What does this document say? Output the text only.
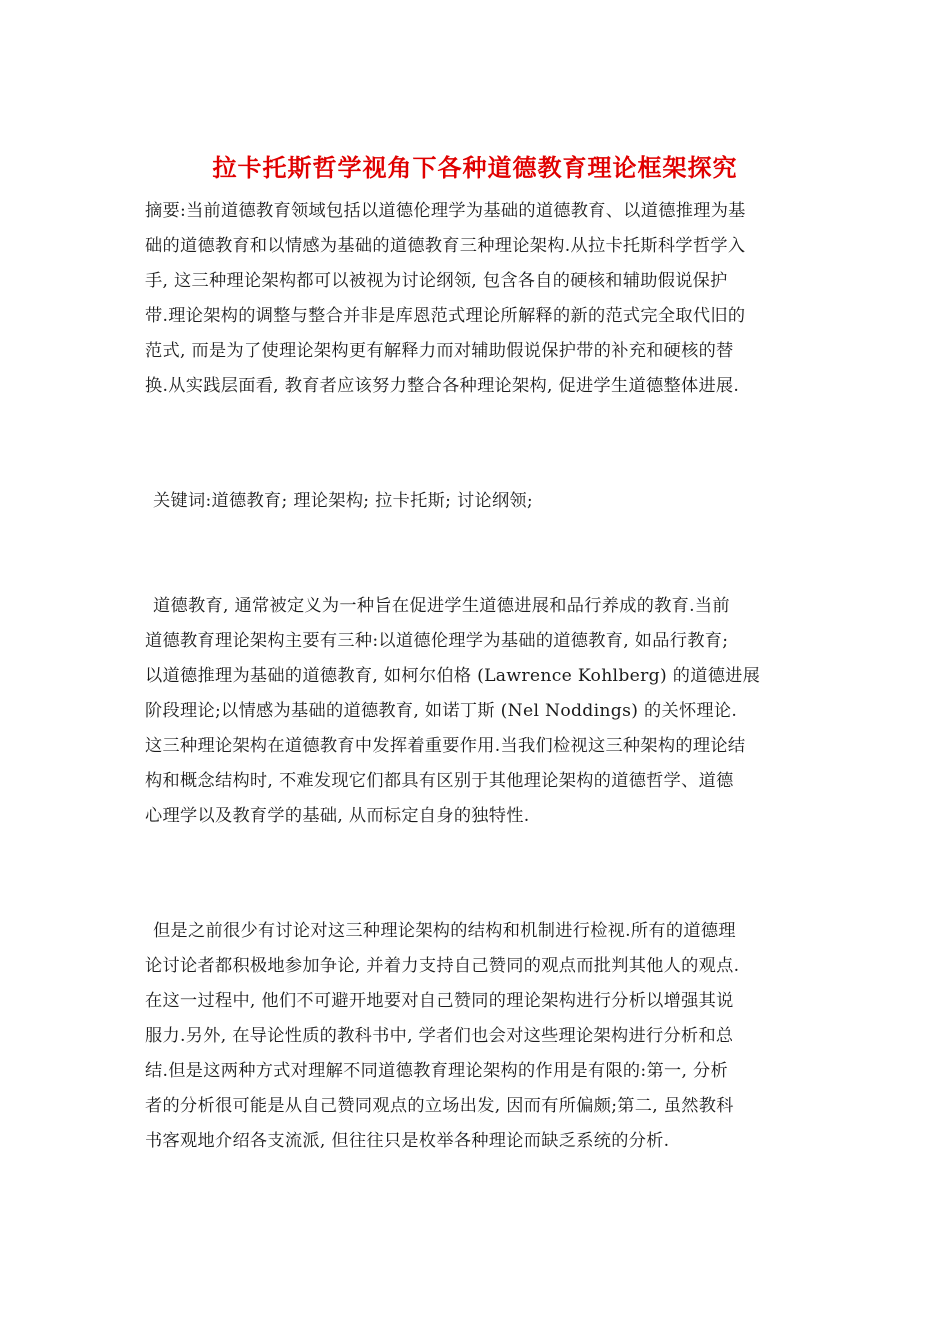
拉卡托斯哲学视角下各种道德教育理论框架探究
摘要:当前道德教育领域包括以道德伦理学为基础的道德教育、以道德推理为基
础的道德教育和以情感为基础的道德教育三种理论架构.从拉卡托斯科学哲学入
手, 这三种理论架构都可以被视为讨论纲领, 包含各自的硬核和辅助假说保护
带.理论架构的调整与整合并非是库恩范式理论所解释的新的范式完全取代旧的
范式, 而是为了使理论架构更有解释力而对辅助假说保护带的补充和硬核的替
换.从实践层面看, 教育者应该努力整合各种理论架构, 促进学生道德整体进展.
关键词:道德教育; 理论架构; 拉卡托斯; 讨论纲领;
道德教育, 通常被定义为一种旨在促进学生道德进展和品行养成的教育.当前
道德教育理论架构主要有三种:以道德伦理学为基础的道德教育, 如品行教育;
以道德推理为基础的道德教育, 如柯尔伯格 (Lawrence Kohlberg) 的道德进展
阶段理论;以情感为基础的道德教育, 如诺丁斯 (Nel Noddings) 的关怀理论.
这三种理论架构在道德教育中发挥着重要作用.当我们检视这三种架构的理论结
构和概念结构时, 不难发现它们都具有区别于其他理论架构的道德哲学、道德
心理学以及教育学的基础, 从而标定自身的独特性.
但是之前很少有讨论对这三种理论架构的结构和机制进行检视.所有的道德理
论讨论者都积极地参加争论, 并着力支持自己赞同的观点而批判其他人的观点.
在这一过程中, 他们不可避开地要对自己赞同的理论架构进行分析以增强其说
服力.另外, 在导论性质的教科书中, 学者们也会对这些理论架构进行分析和总
结.但是这两种方式对理解不同道德教育理论架构的作用是有限的:第一, 分析
者的分析很可能是从自己赞同观点的立场出发, 因而有所偏颇;第二, 虽然教科
书客观地介绍各支流派, 但往往只是枚举各种理论而缺乏系统的分析.
